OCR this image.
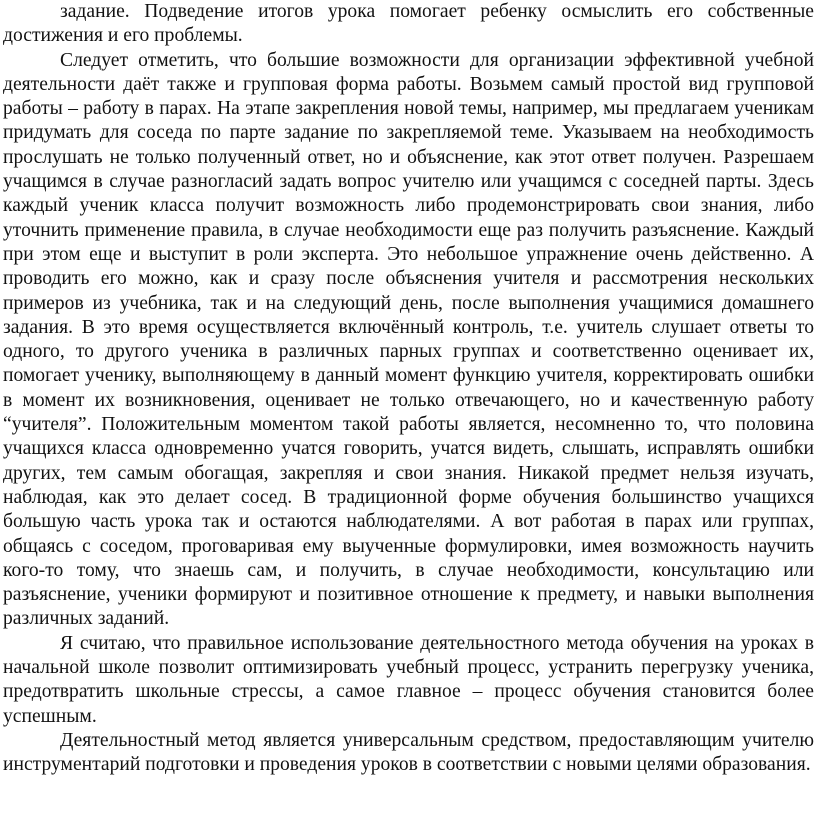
задание. Подведение итогов урока помогает ребенку осмыслить его собственные достижения и его проблемы.

Следует отметить, что большие возможности для организации эффективной учебной деятельности даёт также и групповая форма работы. Возьмем самый простой вид групповой работы – работу в парах. На этапе закрепления новой темы, например, мы предлагаем ученикам придумать для соседа по парте задание по закрепляемой теме. Указываем на необходимость прослушать не только полученный ответ, но и объяснение, как этот ответ получен. Разрешаем учащимся в случае разногласий задать вопрос учителю или учащимся с соседней парты. Здесь каждый ученик класса получит возможность либо продемонстрировать свои знания, либо уточнить применение правила, в случае необходимости еще раз получить разъяснение. Каждый при этом еще и выступит в роли эксперта. Это небольшое упражнение очень действенно. А проводить его можно, как и сразу после объяснения учителя и рассмотрения нескольких примеров из учебника, так и на следующий день, после выполнения учащимися домашнего задания. В это время осуществляется включённый контроль, т.е. учитель слушает ответы то одного, то другого ученика в различных парных группах и соответственно оценивает их, помогает ученику, выполняющему в данный момент функцию учителя, корректировать ошибки в момент их возникновения, оценивает не только отвечающего, но и качественную работу “учителя”. Положительным моментом такой работы является, несомненно то, что половина учащихся класса одновременно учатся говорить, учатся видеть, слышать, исправлять ошибки других, тем самым обогащая, закрепляя и свои знания. Никакой предмет нельзя изучать, наблюдая, как это делает сосед. В традиционной форме обучения большинство учащихся большую часть урока так и остаются наблюдателями. А вот работая в парах или группах, общаясь с соседом, проговаривая ему выученные формулировки, имея возможность научить кого-то тому, что знаешь сам, и получить, в случае необходимости, консультацию или разъяснение, ученики формируют и позитивное отношение к предмету, и навыки выполнения различных заданий.

Я считаю, что правильное использование деятельностного метода обучения на уроках в начальной школе позволит оптимизировать учебный процесс, устранить перегрузку ученика, предотвратить школьные стрессы, а самое главное – процесс обучения становится более успешным.

Деятельностный метод является универсальным средством, предоставляющим учителю инструментарий подготовки и проведения уроков в соответствии с новыми целями образования.
